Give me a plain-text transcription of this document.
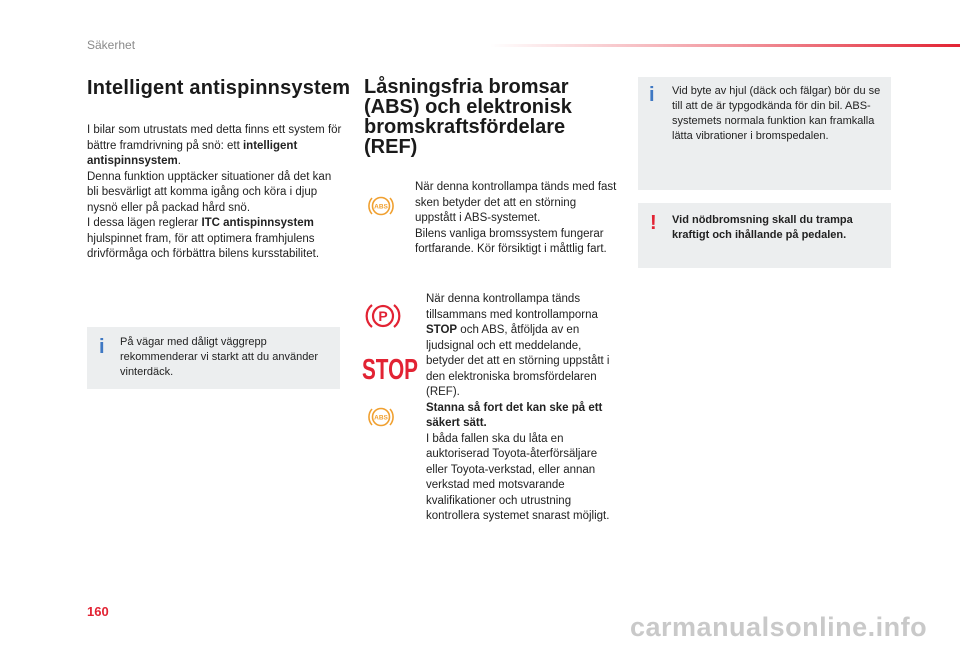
Säkerhet
Intelligent antispinnsystem
I bilar som utrustats med detta finns ett system för bättre framdrivning på snö: ett intelligent antispinnsystem.
Denna funktion upptäcker situationer då det kan bli besvärligt att komma igång och köra i djup nysnö eller på packad hård snö.
I dessa lägen reglerar ITC antispinnsystem hjulspinnet fram, för att optimera framhjulens drivförmåga och förbättra bilens kursstabilitet.
i På vägar med dåligt väggrepp rekommenderar vi starkt att du använder vinterdäck.
Låsningsfria bromsar (ABS) och elektronisk bromskraftsfördelare (REF)
ABS
När denna kontrollampa tänds med fast sken betyder det att en störning uppstått i ABS-systemet.
Bilens vanliga bromssystem fungerar fortfarande. Kör försiktigt i måttlig fart.
P
STOP
ABS
När denna kontrollampa tänds tillsammans med kontrollamporna STOP och ABS, åtföljda av en ljudsignal och ett meddelande, betyder det att en störning uppstått i den elektroniska bromsfördelaren (REF).
Stanna så fort det kan ske på ett säkert sätt.
I båda fallen ska du låta en auktoriserad Toyota-återförsäljare eller Toyota-verkstad, eller annan verkstad med motsvarande kvalifikationer och utrustning kontrollera systemet snarast möjligt.
i Vid byte av hjul (däck och fälgar) bör du se till att de är typgodkända för din bil. ABS-systemets normala funktion kan framkalla lätta vibrationer i bromspedalen.
! Vid nödbromsning skall du trampa kraftigt och ihållande på pedalen.
160
carmanualsonline.info
